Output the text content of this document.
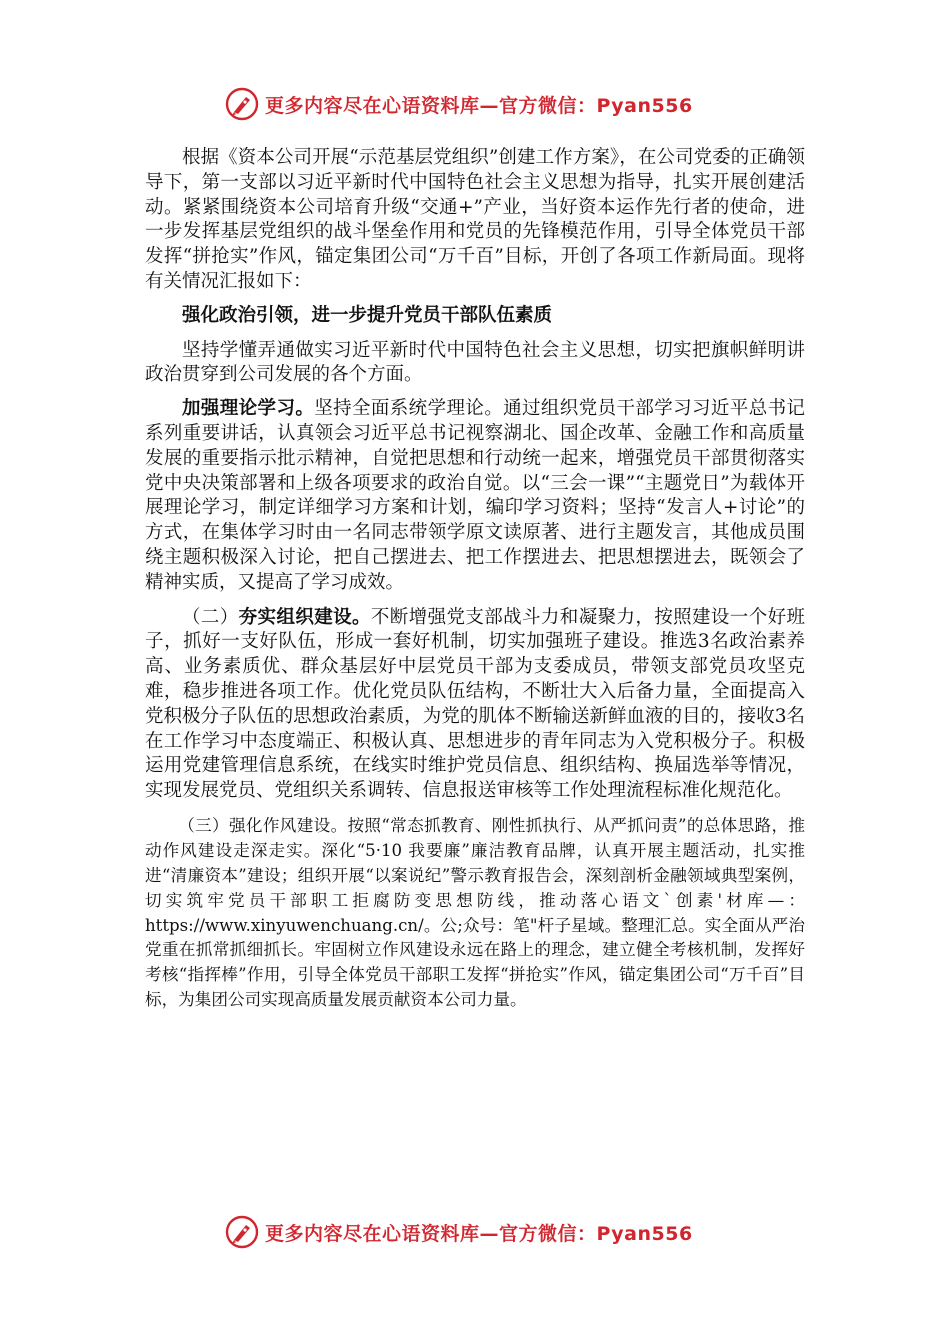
更多内容尽在心语资料库—官方微信：Pyan556

根据《资本公司开展“示范基层党组织”创建工作方案》，在公司党委的正确领导下，第一支部以习近平新时代中国特色社会主义思想为指导，扎实开展创建活动。紧紧围绕资本公司培育升级“交通+”产业，当好资本运作先行者的使命，进一步发挥基层党组织的战斗堡垒作用和党员的先锋模范作用，引导全体党员干部发挥“拼抢实”作风，锚定集团公司“万千百”目标，开创了各项工作新局面。现将有关情况汇报如下：

强化政治引领，进一步提升党员干部队伍素质

坚持学懂弄通做实习近平新时代中国特色社会主义思想，切实把旗帜鲜明讲政治贯穿到公司发展的各个方面。

加强理论学习。坚持全面系统学理论。通过组织党员干部学习习近平总书记系列重要讲话，认真领会习近平总书记视察湖北、国企改革、金融工作和高质量发展的重要指示批示精神，自觉把思想和行动统一起来，增强党员干部贯彻落实党中央决策部署和上级各项要求的政治自觉。以“三会一课”“主题党日”为载体开展理论学习，制定详细学习方案和计划，编印学习资料；坚持“发言人+讨论”的方式，在集体学习时由一名同志带领学原文读原著、进行主题发言，其他成员围绕主题积极深入讨论，把自己摆进去、把工作摆进去、把思想摆进去，既领会了精神实质，又提高了学习成效。

（二）夯实组织建设。不断增强党支部战斗力和凝聚力，按照建设一个好班子，抓好一支好队伍，形成一套好机制，切实加强班子建设。推选3名政治素养高、业务素质优、群众基层好中层党员干部为支委成员，带领支部党员攻坚克难，稳步推进各项工作。优化党员队伍结构，不断壮大入后备力量，全面提高入党积极分子队伍的思想政治素质，为党的肌体不断输送新鲜血液的目的，接收3名在工作学习中态度端正、积极认真、思想进步的青年同志为入党积极分子。积极运用党建管理信息系统，在线实时维护党员信息、组织结构、换届选举等情况，实现发展党员、党组织关系调转、信息报送审核等工作处理流程标准化规范化。

（三）强化作风建设。按照“常态抓教育、刚性抓执行、从严抓问责”的总体思路，推动作风建设走深走实。深化“5·10 我要廉”廉洁教育品牌，认真开展主题活动，扎实推进“清廉资本”建设；组织开展“以案说纪”警示教育报告会，深刻剖析金融领域典型案例，切实筑牢党员干部职工拒腐防变思想防线，推动落心语文`创素'材库—：https://www.xinyuwenchuang.cn/。公;众号：笔"杆子星域。整理汇总。实全面从严治党重在抓常抓细抓长。牢固树立作风建设永远在路上的理念，建立健全考核机制，发挥好考核“指挥棒”作用，引导全体党员干部职工发挥“拼抢实”作风，锚定集团公司“万千百”目标，为集团公司实现高质量发展贡献资本公司力量。

更多内容尽在心语资料库—官方微信：Pyan556
